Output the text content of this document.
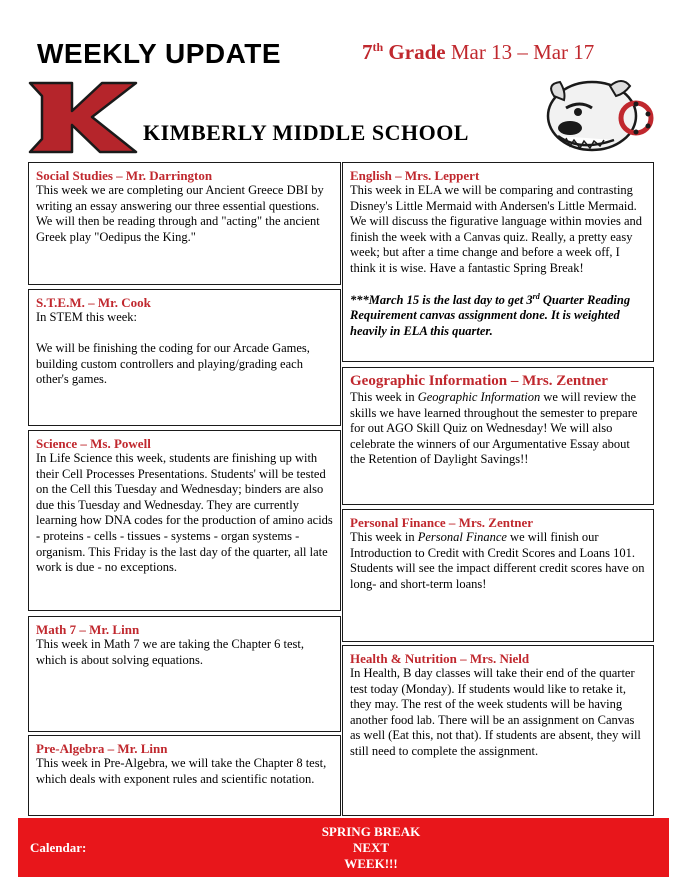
WEEKLY UPDATE	7th Grade Mar 13 – Mar 17
KIMBERLY MIDDLE SCHOOL
Social Studies – Mr. Darrington

This week we are completing our Ancient Greece DBI by writing an essay answering our three essential questions. We will then be reading through and "acting" the ancient Greek play "Oedipus the King."

S.T.E.M. – Mr. Cook

In STEM this week:

We will be finishing the coding for our Arcade Games, building custom controllers and playing/grading each other's games.

Science – Ms. Powell

In Life Science this week, students are finishing up with their Cell Processes Presentations. Students' will be tested on the Cell this Tuesday and Wednesday; binders are also due this Tuesday and Wednesday. They are currently learning how DNA codes for the production of amino acids - proteins - cells - tissues - systems - organ systems - organism. This Friday is the last day of the quarter, all late work is due - no exceptions.

Math 7 – Mr. Linn

This week in Math 7 we are taking the Chapter 6 test, which is about solving equations.

Pre-Algebra – Mr. Linn

This week in Pre-Algebra, we will take the Chapter 8 test, which deals with exponent rules and scientific notation.

English – Mrs. Leppert

This week in ELA we will be comparing and contrasting Disney's Little Mermaid with Andersen's Little Mermaid. We will discuss the figurative language within movies and finish the week with a Canvas quiz. Really, a pretty easy week; but after a time change and before a week off, I think it is wise. Have a fantastic Spring Break!

***March 15 is the last day to get 3rd Quarter Reading Requirement canvas assignment done. It is weighted heavily in ELA this quarter.

Geographic Information – Mrs. Zentner

This week in Geographic Information we will review the skills we have learned throughout the semester to prepare for out AGO Skill Quiz on Wednesday! We will also celebrate the winners of our Argumentative Essay about the Retention of Daylight Savings!!

Personal Finance – Mrs. Zentner

This week in Personal Finance we will finish our Introduction to Credit with Credit Scores and Loans 101. Students will see the impact different credit scores have on long- and short-term loans!

Health & Nutrition – Mrs. Nield

In Health, B day classes will take their end of the quarter test today (Monday). If students would like to retake it, they may. The rest of the week students will be having another food lab. There will be an assignment on Canvas as well (Eat this, not that). If students are absent, they will still need to complete the assignment.

Calendar:
SPRING BREAK
NEXT
WEEK!!!
